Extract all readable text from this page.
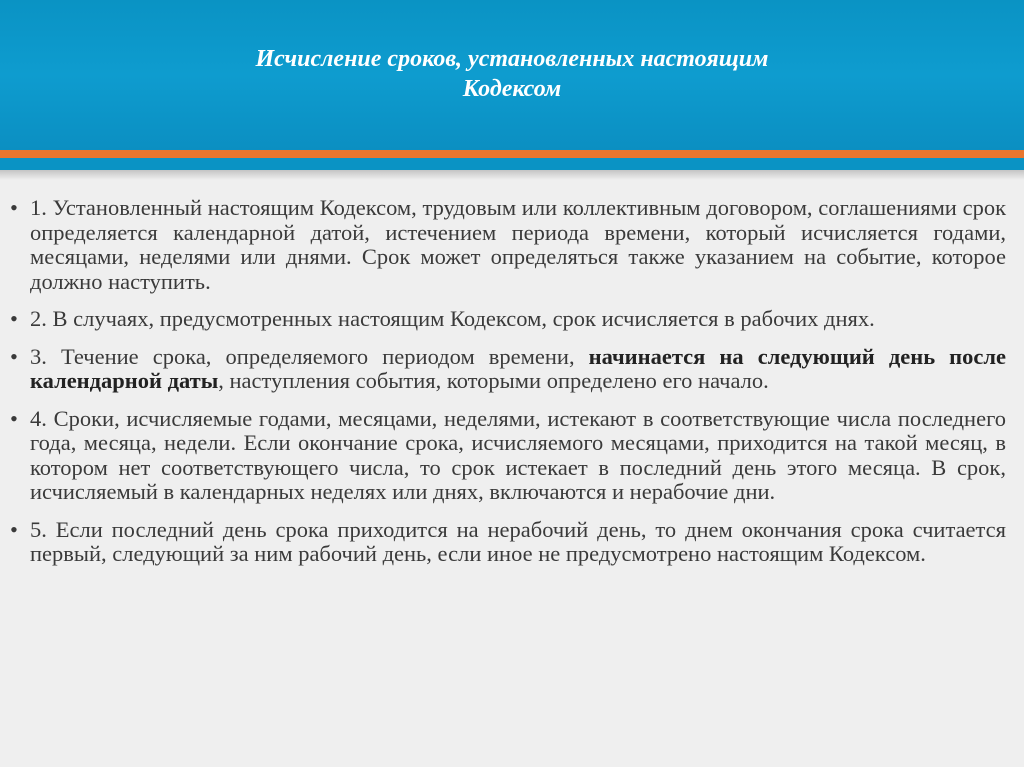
Исчисление сроков, установленных настоящим
Кодексом
• 1. Установленный настоящим Кодексом, трудовым или коллективным договором, соглашениями срок определяется календарной датой, истечением периода времени, который исчисляется годами, месяцами, неделями или днями. Срок может определяться также указанием на событие, которое должно наступить.
• 2. В случаях, предусмотренных настоящим Кодексом, срок исчисляется в рабочих днях.
• 3. Течение срока, определяемого периодом времени, начинается на следующий день после календарной даты, наступления события, которыми определено его начало.
• 4. Сроки, исчисляемые годами, месяцами, неделями, истекают в соответствующие числа последнего года, месяца, недели. Если окончание срока, исчисляемого месяцами, приходится на такой месяц, в котором нет соответствующего числа, то срок истекает в последний день этого месяца. В срок, исчисляемый в календарных неделях или днях, включаются и нерабочие дни.
• 5. Если последний день срока приходится на нерабочий день, то днем окончания срока считается первый, следующий за ним рабочий день, если иное не предусмотрено настоящим Кодексом.
